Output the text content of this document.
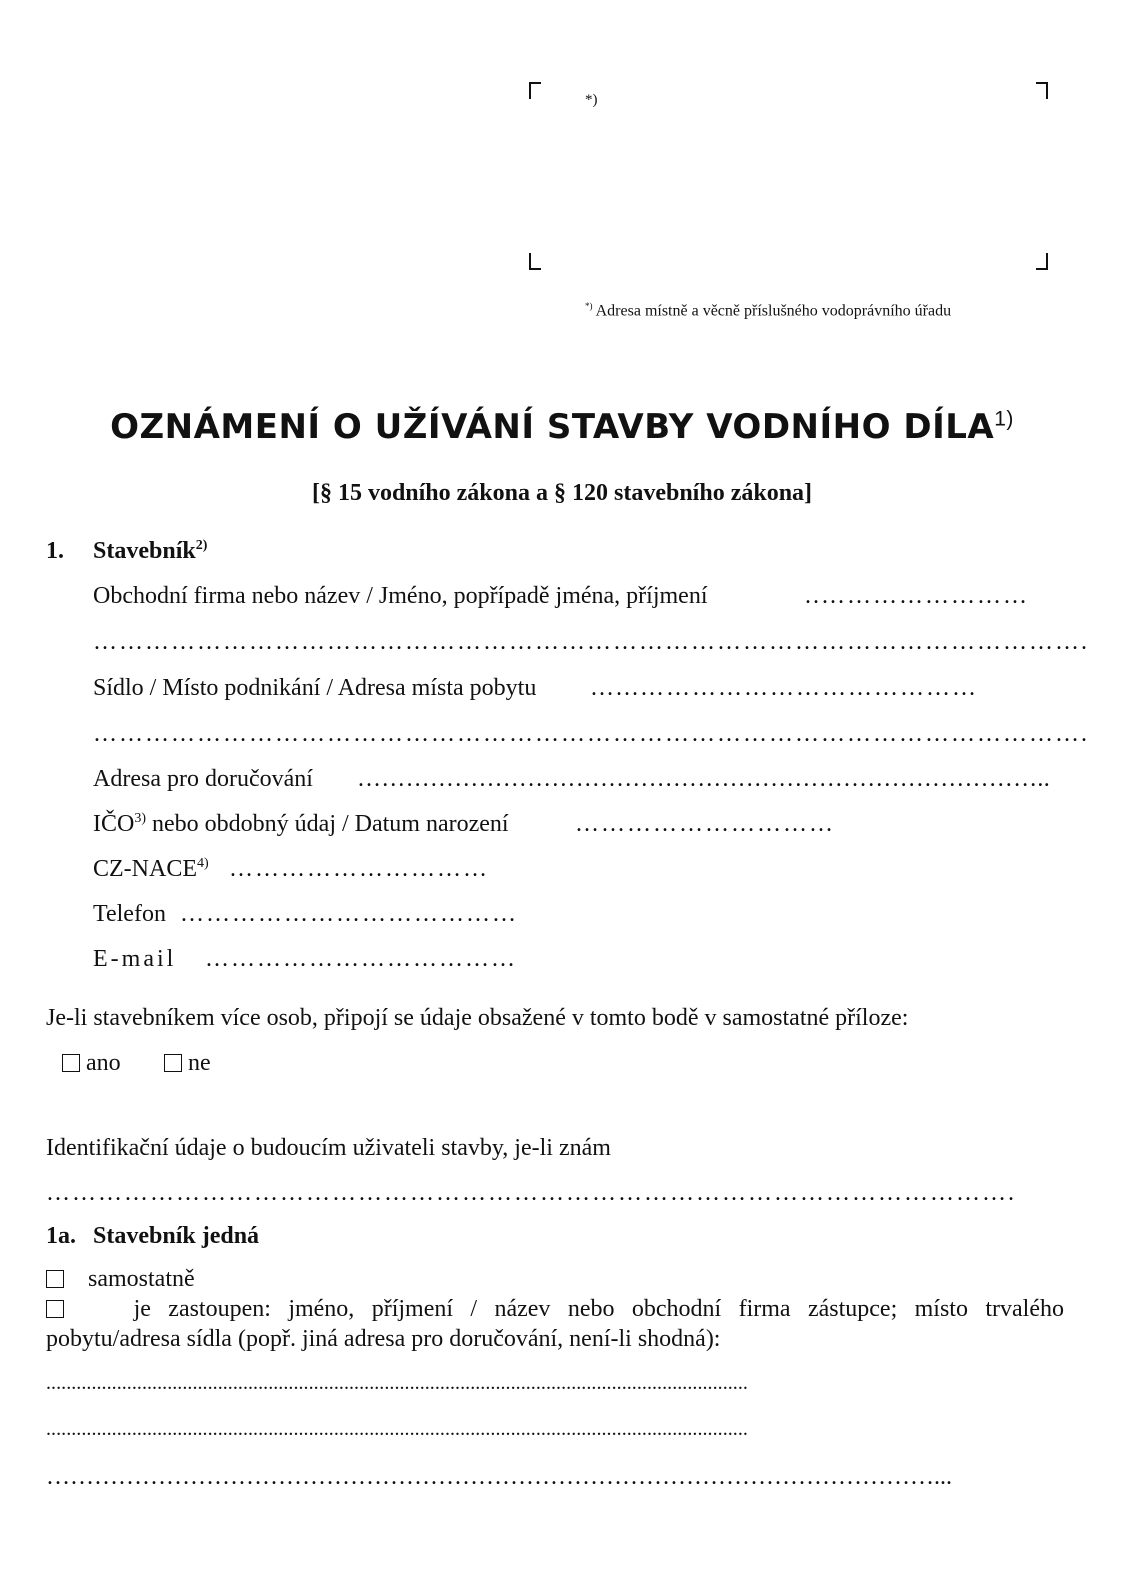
*)
*) Adresa místně a věcně příslušného vodoprávního úřadu
OZNÁMENÍ O UŽÍVÁNÍ STAVBY VODNÍHO DÍLA$^{1)}$
[§ 15 vodního zákona a § 120 stavebního zákona]
1. Stavebník$^{2)}$
Obchodní firma nebo název / Jméno, popřípadě jména, příjmení	..……………………
…………………………………………………………………………………………………….
Sídlo / Místo podnikání / Adresa místa pobytu …...…………………………………
…………………………………………………………………………………………………….
Adresa pro doručování …………………………………………………………………………..
IČO$^{3)}$ nebo obdobný údaj / Datum narození	…………………………
CZ-NACE$^{4)}$ …………………………
Telefon …………………………………
E-mail ………………………………
Je-li stavebníkem více osob, připojí se údaje obsažené v tomto bodě v samostatné příloze:
ano	ne
Identifikační údaje o budoucím uživateli stavby, je-li znám
………………………………………………………………………………………………….
1a. Stavebník jedná
samostatně
je zastoupen: jméno, příjmení / název nebo obchodní firma zástupce; místo trvalého
pobytu/adresa sídla (popř. jiná adresa pro doručování, není-li shodná):
...........................................................................................................................................
...........................................................................................................................................
…………………………………………………………………………………………………...
